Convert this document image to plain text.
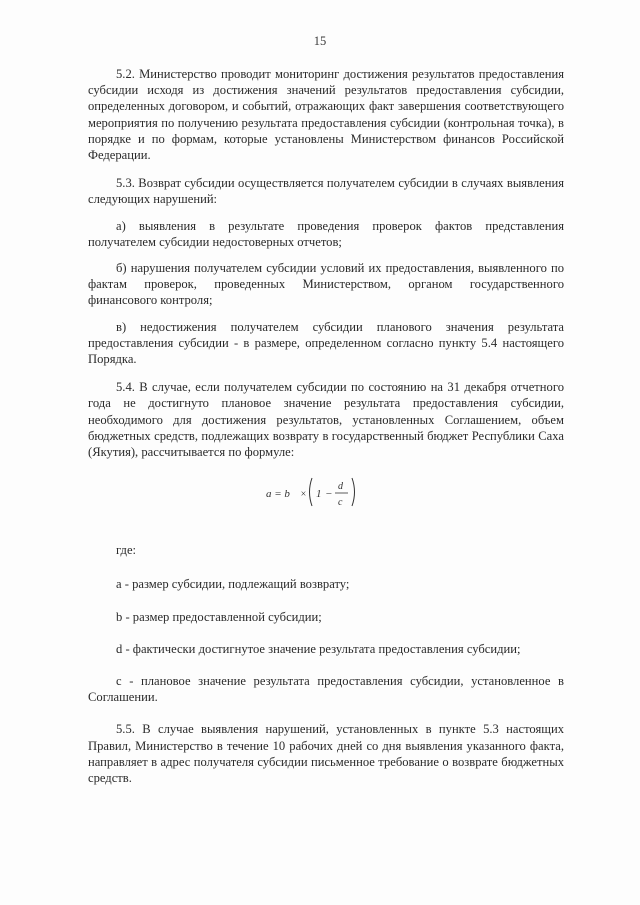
15

5.2. Министерство проводит мониторинг достижения результатов предоставления субсидии исходя из достижения значений результатов предоставления субсидии, определенных договором, и событий, отражающих факт завершения соответствующего мероприятия по получению результата предоставления субсидии (контрольная точка), в порядке и по формам, которые установлены Министерством финансов Российской Федерации.

5.3. Возврат субсидии осуществляется получателем субсидии в случаях выявления следующих нарушений:

а) выявления в результате проведения проверок фактов представления получателем субсидии недостоверных отчетов;

б) нарушения получателем субсидии условий их предоставления, выявленного по фактам проверок, проведенных Министерством, органом государственного финансового контроля;

в) недостижения получателем субсидии планового значения результата предоставления субсидии - в размере, определенном согласно пункту 5.4 настоящего Порядка.

5.4. В случае, если получателем субсидии по состоянию на 31 декабря отчетного года не достигнуто плановое значение результата предоставления субсидии, необходимого для достижения результатов, установленных Соглашением, объем бюджетных средств, подлежащих возврату в государственный бюджет Республики Саха (Якутия), рассчитывается по формуле:

a = b × 1 −
d
c

где:

a - размер субсидии, подлежащий возврату;

b - размер предоставленной субсидии;

d - фактически достигнутое значение результата предоставления субсидии;

с - плановое значение результата предоставления субсидии, установленное в Соглашении.

5.5. В случае выявления нарушений, установленных в пункте 5.3 настоящих Правил, Министерство в течение 10 рабочих дней со дня выявления указанного факта, направляет в адрес получателя субсидии письменное требование о возврате бюджетных средств.
